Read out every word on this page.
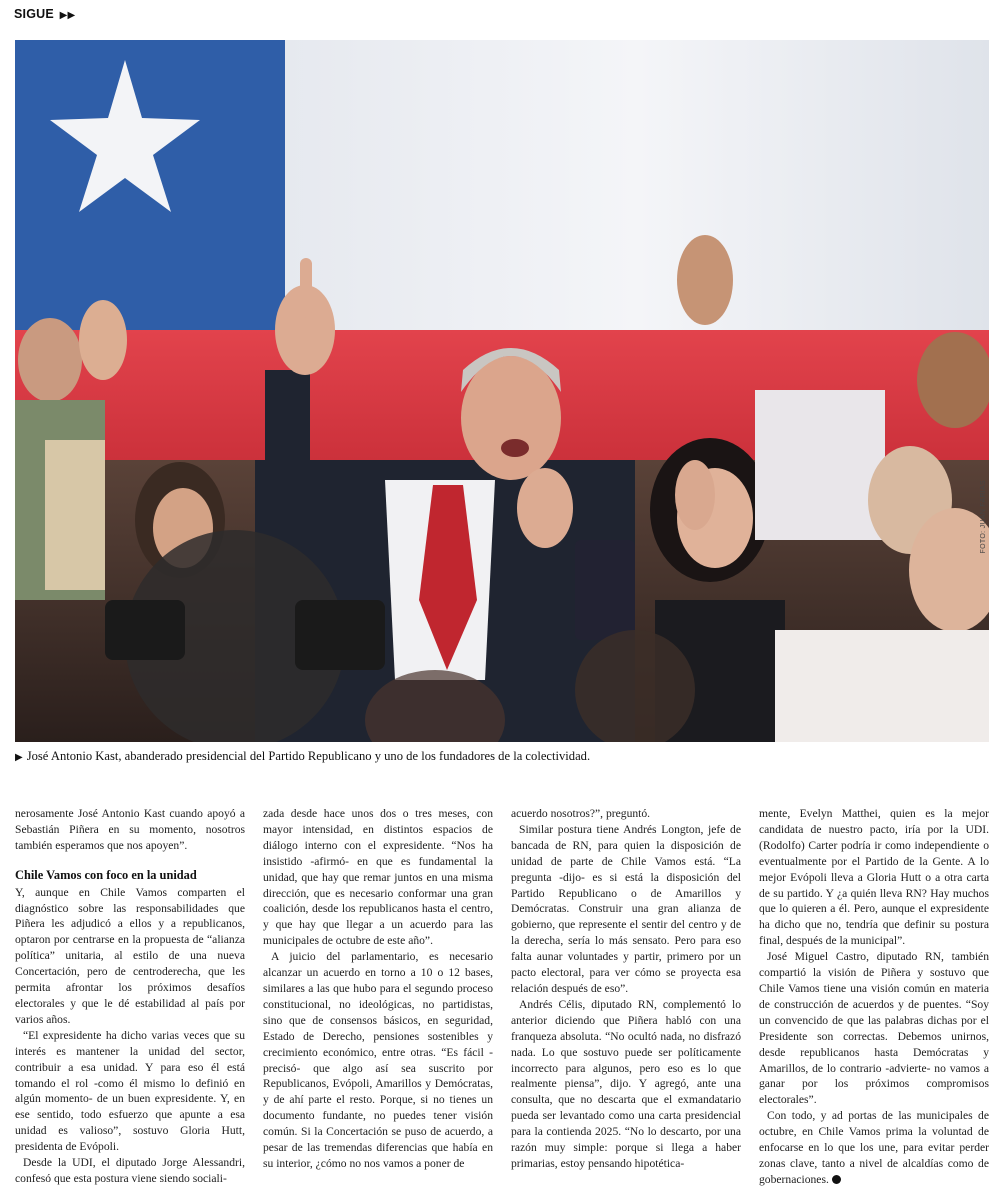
SIGUE ▶▶
FOTO: JUAN FARIAS
▶ José Antonio Kast, abanderado presidencial del Partido Republicano y uno de los fundadores de la colectividad.

nerosamente José Antonio Kast cuando apoyó a Sebastián Piñera en su momento, nosotros también esperamos que nos apoyen”.

Chile Vamos con foco en la unidad

Y, aunque en Chile Vamos comparten el diagnóstico sobre las responsabilidades que Piñera les adjudicó a ellos y a republicanos, optaron por centrarse en la propuesta de “alianza política” unitaria, al estilo de una nueva Concertación, pero de centroderecha, que les permita afrontar los próximos desafíos electorales y que le dé estabilidad al país por varios años.

“El expresidente ha dicho varias veces que su interés es mantener la unidad del sector, contribuir a esa unidad. Y para eso él está tomando el rol -como él mismo lo definió en algún momento- de un buen expresidente. Y, en ese sentido, todo esfuerzo que apunte a esa unidad es valioso”, sostuvo Gloria Hutt, presidenta de Evópoli.

Desde la UDI, el diputado Jorge Alessandri, confesó que esta postura viene siendo sociali-

zada desde hace unos dos o tres meses, con mayor intensidad, en distintos espacios de diálogo interno con el expresidente. “Nos ha insistido -afirmó- en que es fundamental la unidad, que hay que remar juntos en una misma dirección, que es necesario conformar una gran coalición, desde los republicanos hasta el centro, y que hay que llegar a un acuerdo para las municipales de octubre de este año”.

A juicio del parlamentario, es necesario alcanzar un acuerdo en torno a 10 o 12 bases, similares a las que hubo para el segundo proceso constitucional, no ideológicas, no partidistas, sino que de consensos básicos, en seguridad, Estado de Derecho, pensiones sostenibles y crecimiento económico, entre otras. “Es fácil -precisó- que algo así sea suscrito por Republicanos, Evópoli, Amarillos y Demócratas, y de ahí parte el resto. Porque, si no tienes un documento fundante, no puedes tener visión común. Si la Concertación se puso de acuerdo, a pesar de las tremendas diferencias que había en su interior, ¿cómo no nos vamos a poner de

acuerdo nosotros?”, preguntó.

Similar postura tiene Andrés Longton, jefe de bancada de RN, para quien la disposición de unidad de parte de Chile Vamos está. “La pregunta -dijo- es si está la disposición del Partido Republicano o de Amarillos y Demócratas. Construir una gran alianza de gobierno, que represente el sentir del centro y de la derecha, sería lo más sensato. Pero para eso falta aunar voluntades y partir, primero por un pacto electoral, para ver cómo se proyecta esa relación después de eso”.

Andrés Célis, diputado RN, complementó lo anterior diciendo que Piñera habló con una franqueza absoluta. “No ocultó nada, no disfrazó nada. Lo que sostuvo puede ser políticamente incorrecto para algunos, pero eso es lo que realmente piensa”, dijo. Y agregó, ante una consulta, que no descarta que el exmandatario pueda ser levantado como una carta presidencial para la contienda 2025. “No lo descarto, por una razón muy simple: porque si llega a haber primarias, estoy pensando hipotética-

mente, Evelyn Matthei, quien es la mejor candidata de nuestro pacto, iría por la UDI. (Rodolfo) Carter podría ir como independiente o eventualmente por el Partido de la Gente. A lo mejor Evópoli lleva a Gloria Hutt o a otra carta de su partido. Y ¿a quién lleva RN? Hay muchos que lo quieren a él. Pero, aunque el expresidente ha dicho que no, tendría que definir su postura final, después de la municipal”.

José Miguel Castro, diputado RN, también compartió la visión de Piñera y sostuvo que Chile Vamos tiene una visión común en materia de construcción de acuerdos y de puentes. “Soy un convencido de que las palabras dichas por el Presidente son correctas. Debemos unirnos, desde republicanos hasta Demócratas y Amarillos, de lo contrario -advierte- no vamos a ganar por los próximos compromisos electorales”.

Con todo, y ad portas de las municipales de octubre, en Chile Vamos prima la voluntad de enfocarse en lo que los une, para evitar perder zonas clave, tanto a nivel de alcaldías como de gobernaciones.
